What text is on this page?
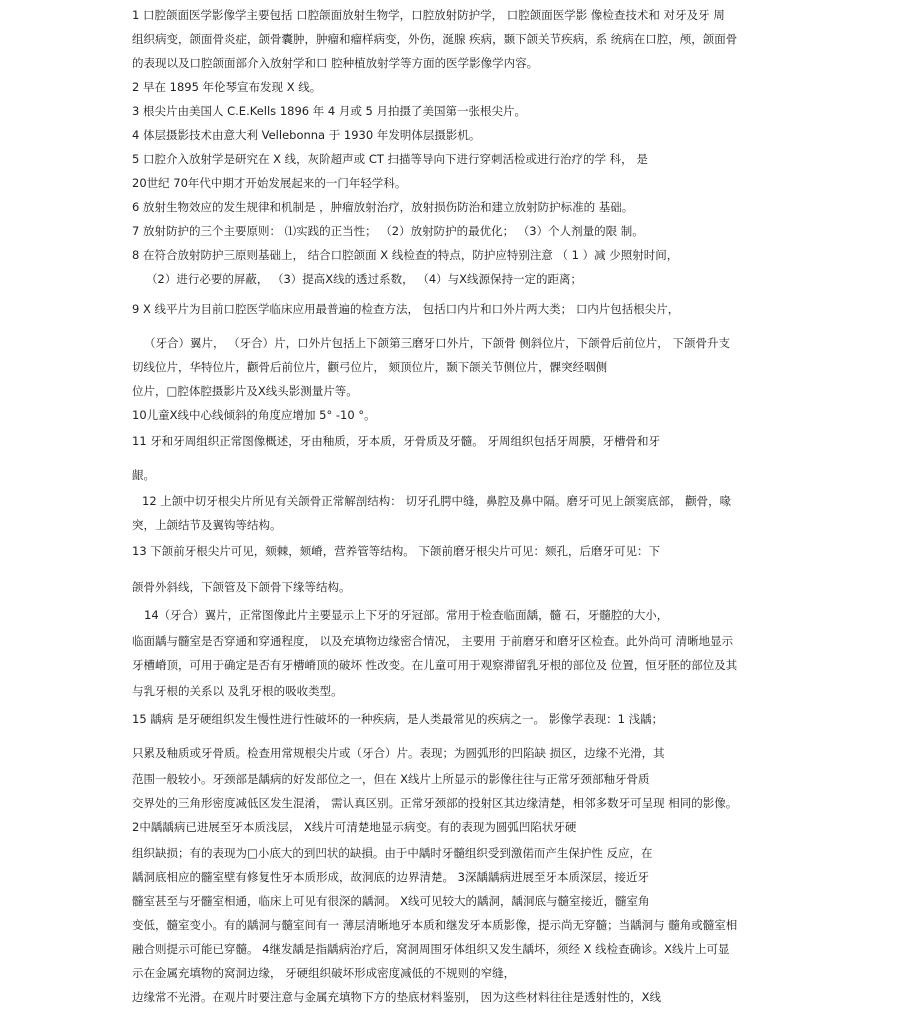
1 口腔颌面医学影像学主要包括 口腔颌面放射生物学，口腔放射防护学， 口腔颌面医学影 像检查技术和 对牙及牙 周
组织病变，颌面骨炎症，颌骨囊肿，肿瘤和瘤样病变，外伤，涎腺 疾病，颞下颌关节疾病，系 统病在口腔，颅，颌面骨
的表现以及口腔颌面部介入放射学和口 腔种植放射学等方面的医学影像学内容。
2 早在 1895 年伦琴宣布发现 X 线。
3 根尖片由美国人 C.E.Kells 1896 年 4 月或 5 月拍摄了美国第一张根尖片。
4 体层摄影技术由意大利 Vellebonna 于 1930 年发明体层摄影机。
5 口腔介入放射学是研究在 X 线，灰阶超声或 CT 扫描等导向下进行穿刺活检或进行治疗的学 科， 是
20世纪 70年代中期才开始发展起来的一门年轻学科。
6 放射生物效应的发生规律和机制是 ，肿瘤放射治疗，放射损伤防治和建立放射防护标准的 基础。
7 放射防护的三个主要原则： ⑴实践的正当性； （2）放射防护的最优化； （3）个人剂量的限 制。
8 在符合放射防护三原则基础上， 结合口腔颌面 X 线检查的特点，防护应特别注意 （ 1 ）减 少照射时间，
（2）进行必要的屏蔽， （3）提高X线的透过系数， （4）与X线源保持一定的距离；
9 X 线平片为目前口腔医学临床应用最普遍的检查方法， 包括口内片和口外片两大类； 口内片包括根尖片，
（牙合）翼片， （牙合）片，口外片包括上下颌第三磨牙口外片，下颌骨 侧斜位片，下颌骨后前位片， 下颌骨升支
切线位片，华特位片，颧骨后前位片，颧弓位片， 颏顶位片，颞下颌关节侧位片，髁突经咽侧
位片，□腔体腔摄影片及X线头影测量片等。
10儿童X线中心线倾斜的角度应增加 5° -10 °。
11 牙和牙周组织正常图像概述，牙由釉质，牙本质，牙骨质及牙髓。 牙周组织包括牙周膜，牙槽骨和牙
龈。
12 上颌中切牙根尖片所见有关颌骨正常解剖结构： 切牙孔腭中缝，鼻腔及鼻中隔。磨牙可见上颌窦底部， 颧骨，喙
突，上颌结节及翼钩等结构。
13 下颌前牙根尖片可见，颏棘，颏嵴，营养管等结构。 下颌前磨牙根尖片可见：颏孔，后磨牙可见：下
颌骨外斜线，下颌管及下颌骨下缘等结构。
14（牙合）翼片，正常图像此片主要显示上下牙的牙冠部。常用于检查临面龋，髓 石，牙髓腔的大小，
临面龋与髓室是否穿通和穿通程度， 以及充填物边缘密合情况， 主要用 于前磨牙和磨牙区检查。此外尚可 清晰地显示
牙槽嵴顶，可用于确定是否有牙槽嵴顶的破坏 性改变。在儿童可用于观察滞留乳牙根的部位及 位置，恒牙胚的部位及其
与乳牙根的关系以 及乳牙根的吸收类型。
15 龋病 是牙硬组织发生慢性进行性破坏的一种疾病，是人类最常见的疾病之一。 影像学表现：1 浅龋；
只累及釉质或牙骨质。检查用常规根尖片或（牙合）片。表现；为圆弧形的凹陷缺 损区，边缘不光滑，其
范围一般较小。牙颈部是龋病的好发部位之一，但在 X线片上所显示的影像往往与正常牙颈部釉牙骨质
交界处的三角形密度减低区发生混淆， 需认真区别。正常牙颈部的投射区其边缘清楚，相邻多数牙可呈现 相同的影像。
2中龋龋病已进展至牙本质浅层， X线片可清楚地显示病变。有的表现为圆弧凹陷状牙硬
组织缺损；有的表现为□小底大的到凹状的缺損。由于中龋时牙髓组织受到激偌而产生保护性 反应，在
龋洞底相应的髓室壁有修复性牙本质形成，故洞底的边界清楚。 3深龋龋病进展至牙本质深层，接近牙
髓室甚至与牙髓室相通，临床上可见有很深的龋洞。 X线可见较大的龋洞，龋洞底与髓室接近，髓室角
变低，髓室变小。有的龋洞与髓室间有一 薄层清晰地牙本质和继发牙本质影像，提示尚无穿髓；当龋洞与 髓角或髓室相
融合则提示可能已穿髓。 4继发龋是指龋病治疗后，窝洞周围牙体组织又发生龋坏，须经 X 线检查确诊。X线片上可显
示在金属充填物的窝洞边缘， 牙硬组织破坏形成密度减低的不规则的窄缝，
边缘常不光滑。在观片时要注意与金属充填物下方的垫底材料鉴别， 因为这些材料往往是透射性的，X线
